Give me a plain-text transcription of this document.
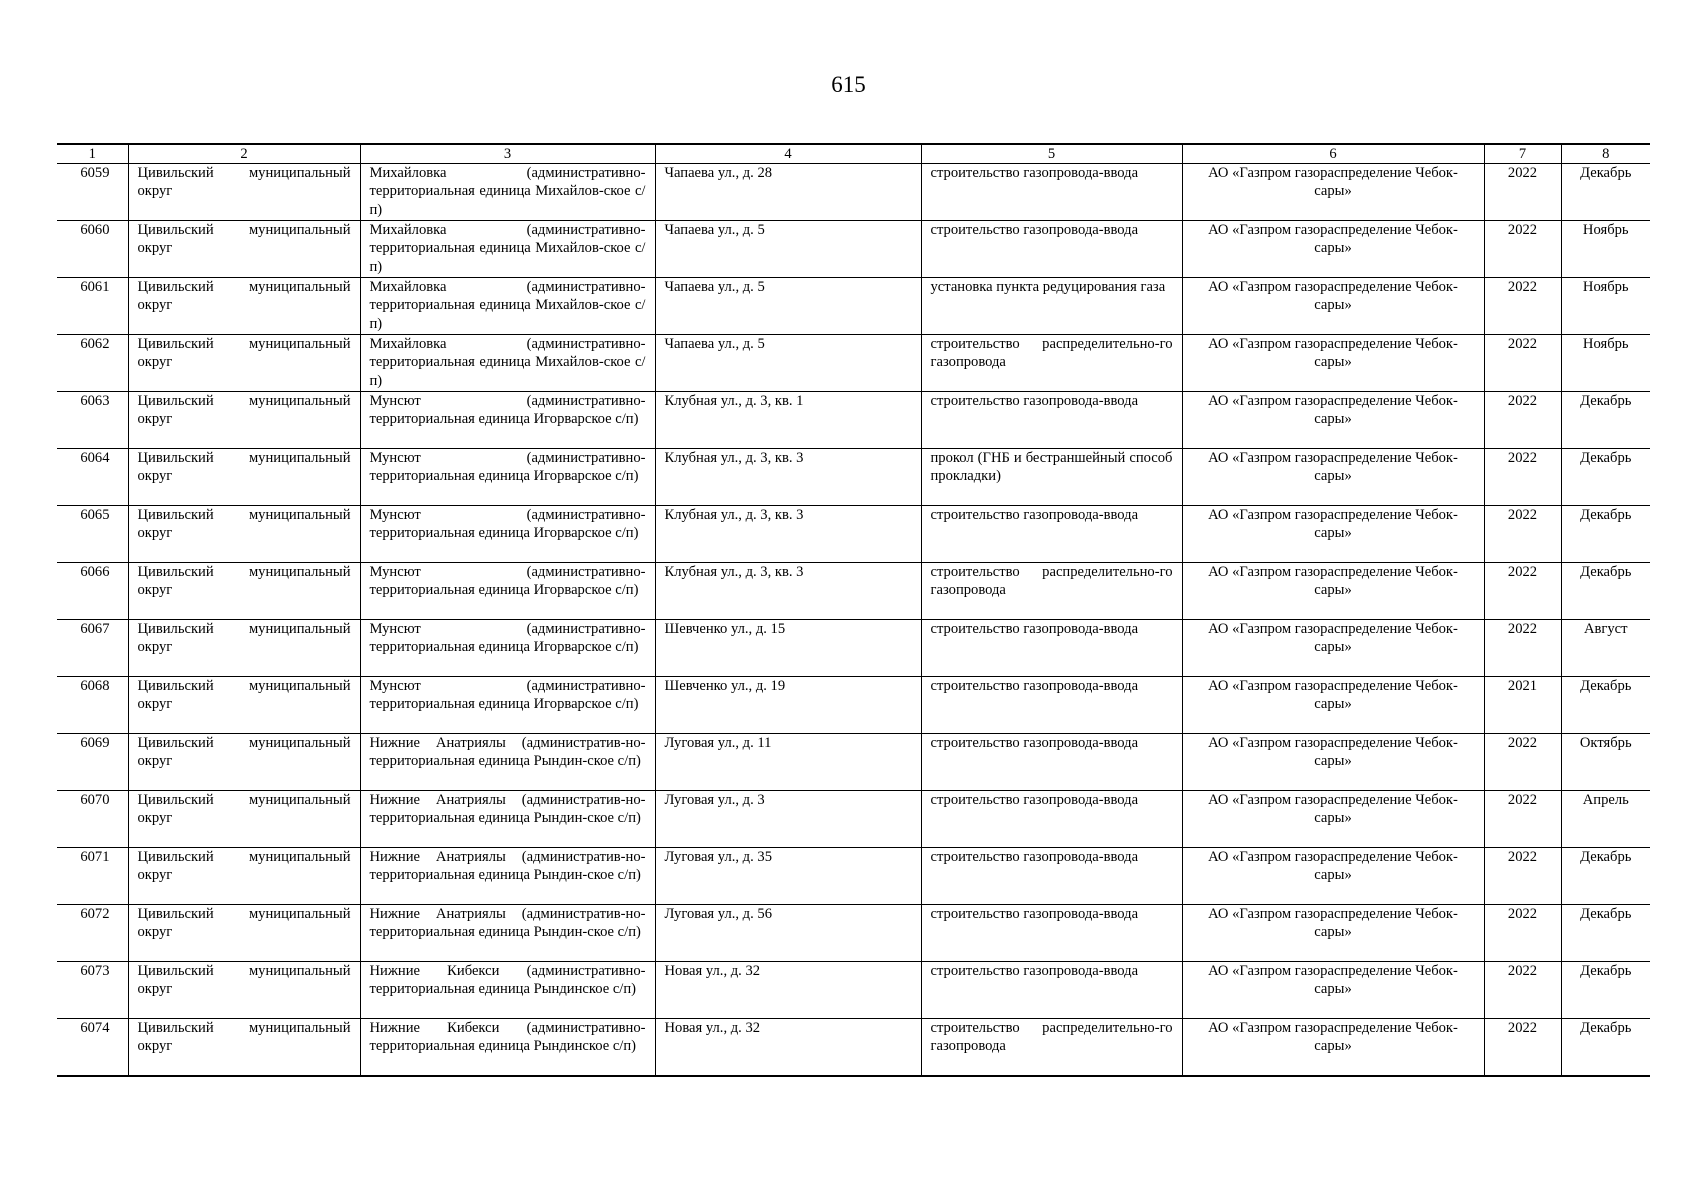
615
1	2	3	4	5	6	7	8
6059	Цивильский муниципальный округ	Михайловка (административно-территориальная единица Михайлов-ское с/п)	Чапаева ул., д. 28	строительство газопровода-ввода	АО «Газпром газораспределение Чебок-сары»	2022	Декабрь
6060	Цивильский муниципальный округ	Михайловка (административно-территориальная единица Михайлов-ское с/п)	Чапаева ул., д. 5	строительство газопровода-ввода	АО «Газпром газораспределение Чебок-сары»	2022	Ноябрь
6061	Цивильский муниципальный округ	Михайловка (административно-территориальная единица Михайлов-ское с/п)	Чапаева ул., д. 5	установка пункта редуцирования газа	АО «Газпром газораспределение Чебок-сары»	2022	Ноябрь
6062	Цивильский муниципальный округ	Михайловка (административно-территориальная единица Михайлов-ское с/п)	Чапаева ул., д. 5	строительство распределительно-го газопровода	АО «Газпром газораспределение Чебок-сары»	2022	Ноябрь
6063	Цивильский муниципальный округ	Мунсют (административно-территориальная единица Игорварское с/п)	Клубная ул., д. 3, кв. 1	строительство газопровода-ввода	АО «Газпром газораспределение Чебок-сары»	2022	Декабрь
6064	Цивильский муниципальный округ	Мунсют (административно-территориальная единица Игорварское с/п)	Клубная ул., д. 3, кв. 3	прокол (ГНБ и бестраншейный способ прокладки)	АО «Газпром газораспределение Чебок-сары»	2022	Декабрь
6065	Цивильский муниципальный округ	Мунсют (административно-территориальная единица Игорварское с/п)	Клубная ул., д. 3, кв. 3	строительство газопровода-ввода	АО «Газпром газораспределение Чебок-сары»	2022	Декабрь
6066	Цивильский муниципальный округ	Мунсют (административно-территориальная единица Игорварское с/п)	Клубная ул., д. 3, кв. 3	строительство распределительно-го газопровода	АО «Газпром газораспределение Чебок-сары»	2022	Декабрь
6067	Цивильский муниципальный округ	Мунсют (административно-территориальная единица Игорварское с/п)	Шевченко ул., д. 15	строительство газопровода-ввода	АО «Газпром газораспределение Чебок-сары»	2022	Август
6068	Цивильский муниципальный округ	Мунсют (административно-территориальная единица Игорварское с/п)	Шевченко ул., д. 19	строительство газопровода-ввода	АО «Газпром газораспределение Чебок-сары»	2021	Декабрь
6069	Цивильский муниципальный округ	Нижние Анатриялы (административ-но-территориальная единица Рындин-ское с/п)	Луговая ул., д. 11	строительство газопровода-ввода	АО «Газпром газораспределение Чебок-сары»	2022	Октябрь
6070	Цивильский муниципальный округ	Нижние Анатриялы (административ-но-территориальная единица Рындин-ское с/п)	Луговая ул., д. 3	строительство газопровода-ввода	АО «Газпром газораспределение Чебок-сары»	2022	Апрель
6071	Цивильский муниципальный округ	Нижние Анатриялы (административ-но-территориальная единица Рындин-ское с/п)	Луговая ул., д. 35	строительство газопровода-ввода	АО «Газпром газораспределение Чебок-сары»	2022	Декабрь
6072	Цивильский муниципальный округ	Нижние Анатриялы (административ-но-территориальная единица Рындин-ское с/п)	Луговая ул., д. 56	строительство газопровода-ввода	АО «Газпром газораспределение Чебок-сары»	2022	Декабрь
6073	Цивильский муниципальный округ	Нижние Кибекси (административно-территориальная единица Рындинское с/п)	Новая ул., д. 32	строительство газопровода-ввода	АО «Газпром газораспределение Чебок-сары»	2022	Декабрь
6074	Цивильский муниципальный округ	Нижние Кибекси (административно-территориальная единица Рындинское с/п)	Новая ул., д. 32	строительство распределительно-го газопровода	АО «Газпром газораспределение Чебок-сары»	2022	Декабрь
